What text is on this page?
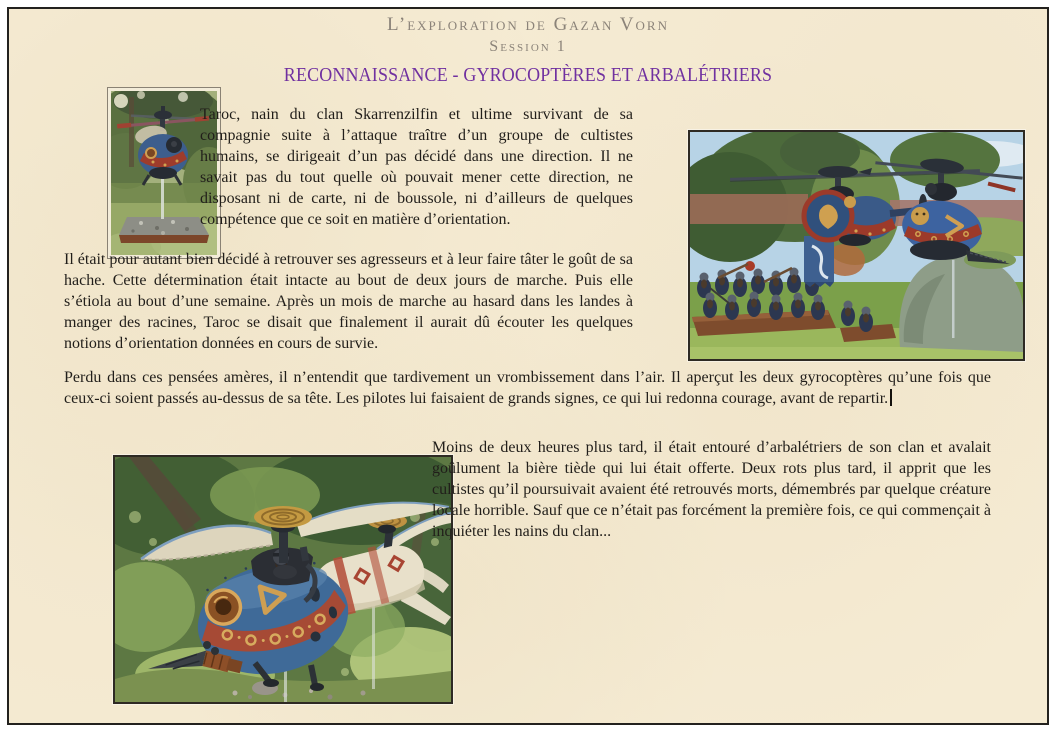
L’exploration de Gazan Vorn
Session 1
RECONNAISSANCE - GYROCOPTÈRES ET ARBALÉTRIERS

Taroc, nain du clan Skarrenzilfin et ultime survivant de sa compagnie suite à l’attaque traître d’un groupe de cultistes humains, se dirigeait d’un pas décidé dans une direction. Il ne savait pas du tout quelle où pouvait mener cette direction, ne disposant ni de carte, ni de boussole, ni d’ailleurs de quelques compétence que ce soit en matière d’orientation.

Il était pour autant bien décidé à retrouver ses agresseurs et à leur faire tâter le goût de sa hache. Cette détermination était intacte au bout de deux jours de marche. Puis elle s’étiola au bout d’une semaine. Après un mois de marche au hasard dans les landes à manger des racines, Taroc se disait que finalement il aurait dû écouter les quelques notions d’orientation données en cours de survie.

Perdu dans ces pensées amères, il n’entendit que tardivement un vrombissement dans l’air. Il aperçut les deux gyrocoptères qu’une fois que ceux-ci soient passés au-dessus de sa tête. Les pilotes lui faisaient de grands signes, ce qui lui redonna courage, avant de repartir.

Moins de deux heures plus tard, il était entouré d’arbalétriers de son clan et avalait goûlument la bière tiède qui lui était offerte. Deux rots plus tard, il apprit que les cultistes qu’il poursuivait avaient été retrouvés morts, démembrés par quelque créature locale horrible. Sauf que ce n’était pas forcément la première fois, ce qui commençait à inquiéter les nains du clan...
